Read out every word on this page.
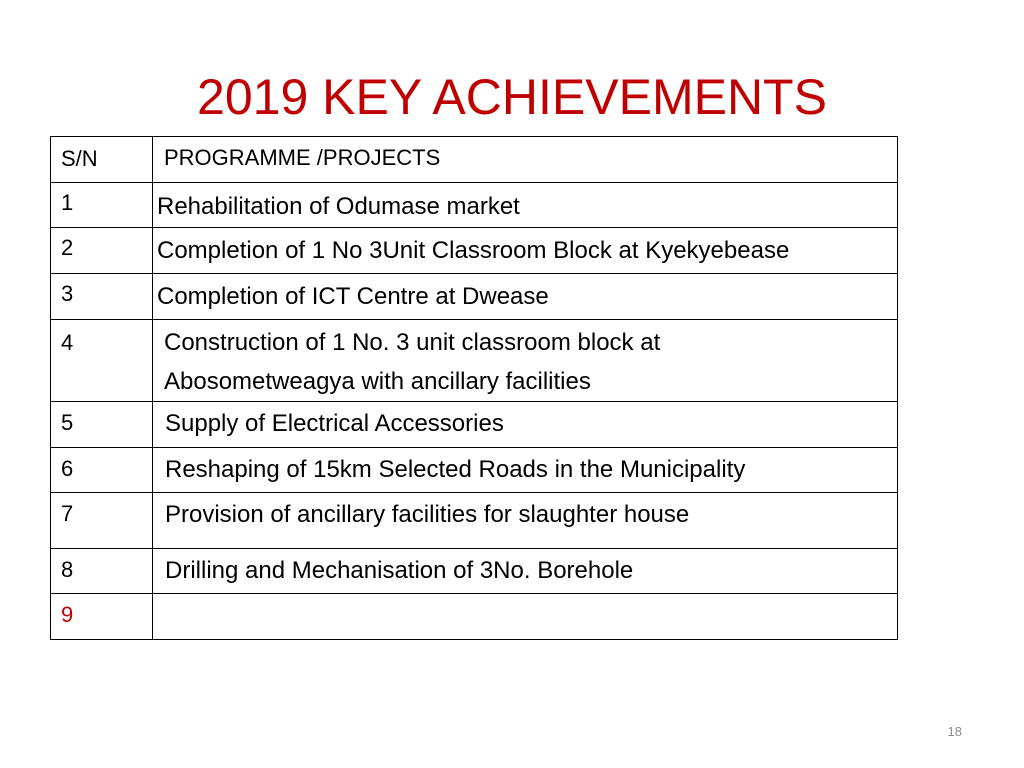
2019 KEY ACHIEVEMENTS
S/N	PROGRAMME /PROJECTS

1	Rehabilitation of Odumase market

2	Completion of 1 No 3Unit Classroom Block at Kyekyebease

3	Completion of ICT Centre at Dwease

4	Construction of 1 No. 3 unit classroom block at Abosometweagya with ancillary facilities

5	Supply of Electrical Accessories

6	Reshaping of 15km Selected Roads in the Municipality

7	Provision of ancillary facilities for slaughter house

8	Drilling and Mechanisation of 3No. Borehole

9	

18
